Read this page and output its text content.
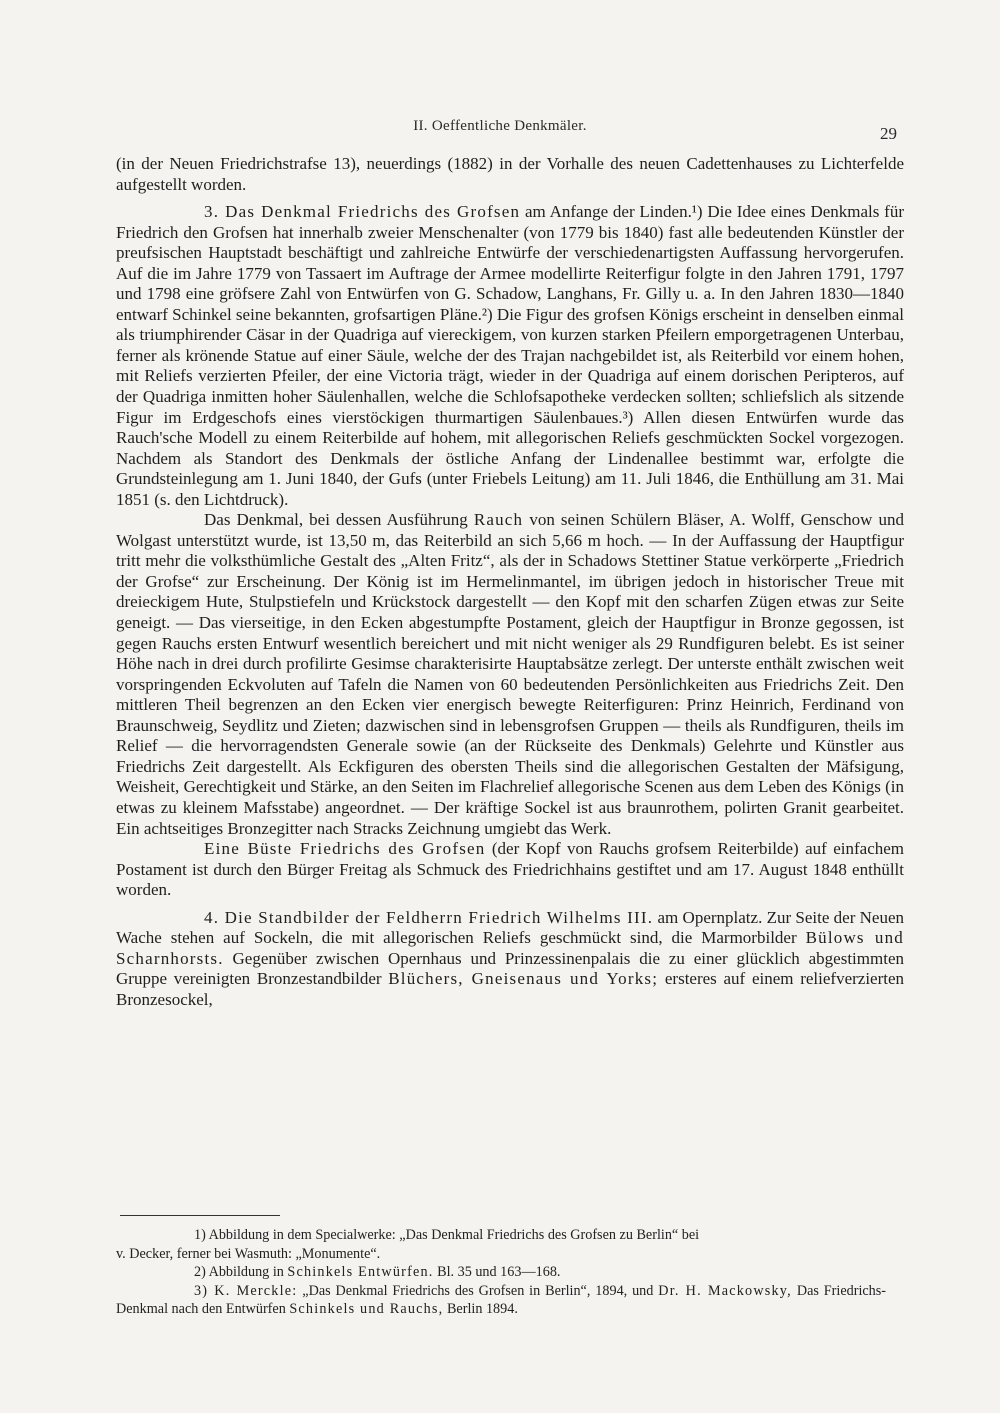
II. Oeffentliche Denkmäler.	29

(in der Neuen Friedrichstrafse 13), neuerdings (1882) in der Vorhalle des neuen Cadettenhauses zu Lichterfelde aufgestellt worden.

3. Das Denkmal Friedrichs des Grofsen am Anfange der Linden.¹) Die Idee eines Denkmals für Friedrich den Grofsen hat innerhalb zweier Menschenalter (von 1779 bis 1840) fast alle bedeutenden Künstler der preufsischen Hauptstadt beschäftigt und zahlreiche Entwürfe der verschiedenartigsten Auffassung hervorgerufen. Auf die im Jahre 1779 von Tassaert im Auftrage der Armee modellirte Reiterfigur folgte in den Jahren 1791, 1797 und 1798 eine gröfsere Zahl von Entwürfen von G. Schadow, Langhans, Fr. Gilly u. a. In den Jahren 1830—1840 entwarf Schinkel seine bekannten, grofsartigen Pläne.²) Die Figur des grofsen Königs erscheint in denselben einmal als triumphirender Cäsar in der Quadriga auf viereckigem, von kurzen starken Pfeilern emporgetragenen Unterbau, ferner als krönende Statue auf einer Säule, welche der des Trajan nachgebildet ist, als Reiterbild vor einem hohen, mit Reliefs verzierten Pfeiler, der eine Victoria trägt, wieder in der Quadriga auf einem dorischen Peripteros, auf der Quadriga inmitten hoher Säulenhallen, welche die Schlofsapotheke verdecken sollten; schliefslich als sitzende Figur im Erdgeschofs eines vierstöckigen thurmartigen Säulenbaues.³) Allen diesen Entwürfen wurde das Rauch'sche Modell zu einem Reiterbilde auf hohem, mit allegorischen Reliefs geschmückten Sockel vorgezogen. Nachdem als Standort des Denkmals der östliche Anfang der Lindenallee bestimmt war, erfolgte die Grundsteinlegung am 1. Juni 1840, der Gufs (unter Friebels Leitung) am 11. Juli 1846, die Enthüllung am 31. Mai 1851 (s. den Lichtdruck).

Das Denkmal, bei dessen Ausführung Rauch von seinen Schülern Bläser, A. Wolff, Genschow und Wolgast unterstützt wurde, ist 13,50 m, das Reiterbild an sich 5,66 m hoch. — In der Auffassung der Hauptfigur tritt mehr die volksthümliche Gestalt des „Alten Fritz“, als der in Schadows Stettiner Statue verkörperte „Friedrich der Grofse“ zur Erscheinung. Der König ist im Hermelinmantel, im übrigen jedoch in historischer Treue mit dreieckigem Hute, Stulpstiefeln und Krückstock dargestellt — den Kopf mit den scharfen Zügen etwas zur Seite geneigt. — Das vierseitige, in den Ecken abgestumpfte Postament, gleich der Hauptfigur in Bronze gegossen, ist gegen Rauchs ersten Entwurf wesentlich bereichert und mit nicht weniger als 29 Rundfiguren belebt. Es ist seiner Höhe nach in drei durch profilirte Gesimse charakterisirte Hauptabsätze zerlegt. Der unterste enthält zwischen weit vorspringenden Eckvoluten auf Tafeln die Namen von 60 bedeutenden Persönlichkeiten aus Friedrichs Zeit. Den mittleren Theil begrenzen an den Ecken vier energisch bewegte Reiterfiguren: Prinz Heinrich, Ferdinand von Braunschweig, Seydlitz und Zieten; dazwischen sind in lebensgrofsen Gruppen — theils als Rundfiguren, theils im Relief — die hervorragendsten Generale sowie (an der Rückseite des Denkmals) Gelehrte und Künstler aus Friedrichs Zeit dargestellt. Als Eckfiguren des obersten Theils sind die allegorischen Gestalten der Mäfsigung, Weisheit, Gerechtigkeit und Stärke, an den Seiten im Flachrelief allegorische Scenen aus dem Leben des Königs (in etwas zu kleinem Mafsstabe) angeordnet. — Der kräftige Sockel ist aus braunrothem, polirten Granit gearbeitet. Ein achtseitiges Bronzegitter nach Stracks Zeichnung umgiebt das Werk.

Eine Büste Friedrichs des Grofsen (der Kopf von Rauchs grofsem Reiterbilde) auf einfachem Postament ist durch den Bürger Freitag als Schmuck des Friedrichhains gestiftet und am 17. August 1848 enthüllt worden.

4. Die Standbilder der Feldherrn Friedrich Wilhelms III. am Opernplatz. Zur Seite der Neuen Wache stehen auf Sockeln, die mit allegorischen Reliefs geschmückt sind, die Marmorbilder Bülows und Scharnhorsts. Gegenüber zwischen Opernhaus und Prinzessinenpalais die zu einer glücklich abgestimmten Gruppe vereinigten Bronzestandbilder Blüchers, Gneisenaus und Yorks; ersteres auf einem reliefverzierten Bronzesockel,

1) Abbildung in dem Specialwerke: „Das Denkmal Friedrichs des Grofsen zu Berlin“ bei

v. Decker, ferner bei Wasmuth: „Monumente“.

2) Abbildung in Schinkels Entwürfen. Bl. 35 und 163—168.

3) K. Merckle: „Das Denkmal Friedrichs des Grofsen in Berlin“, 1894, und Dr. H. Mackowsky, Das Friedrichs-Denkmal nach den Entwürfen Schinkels und Rauchs, Berlin 1894.
